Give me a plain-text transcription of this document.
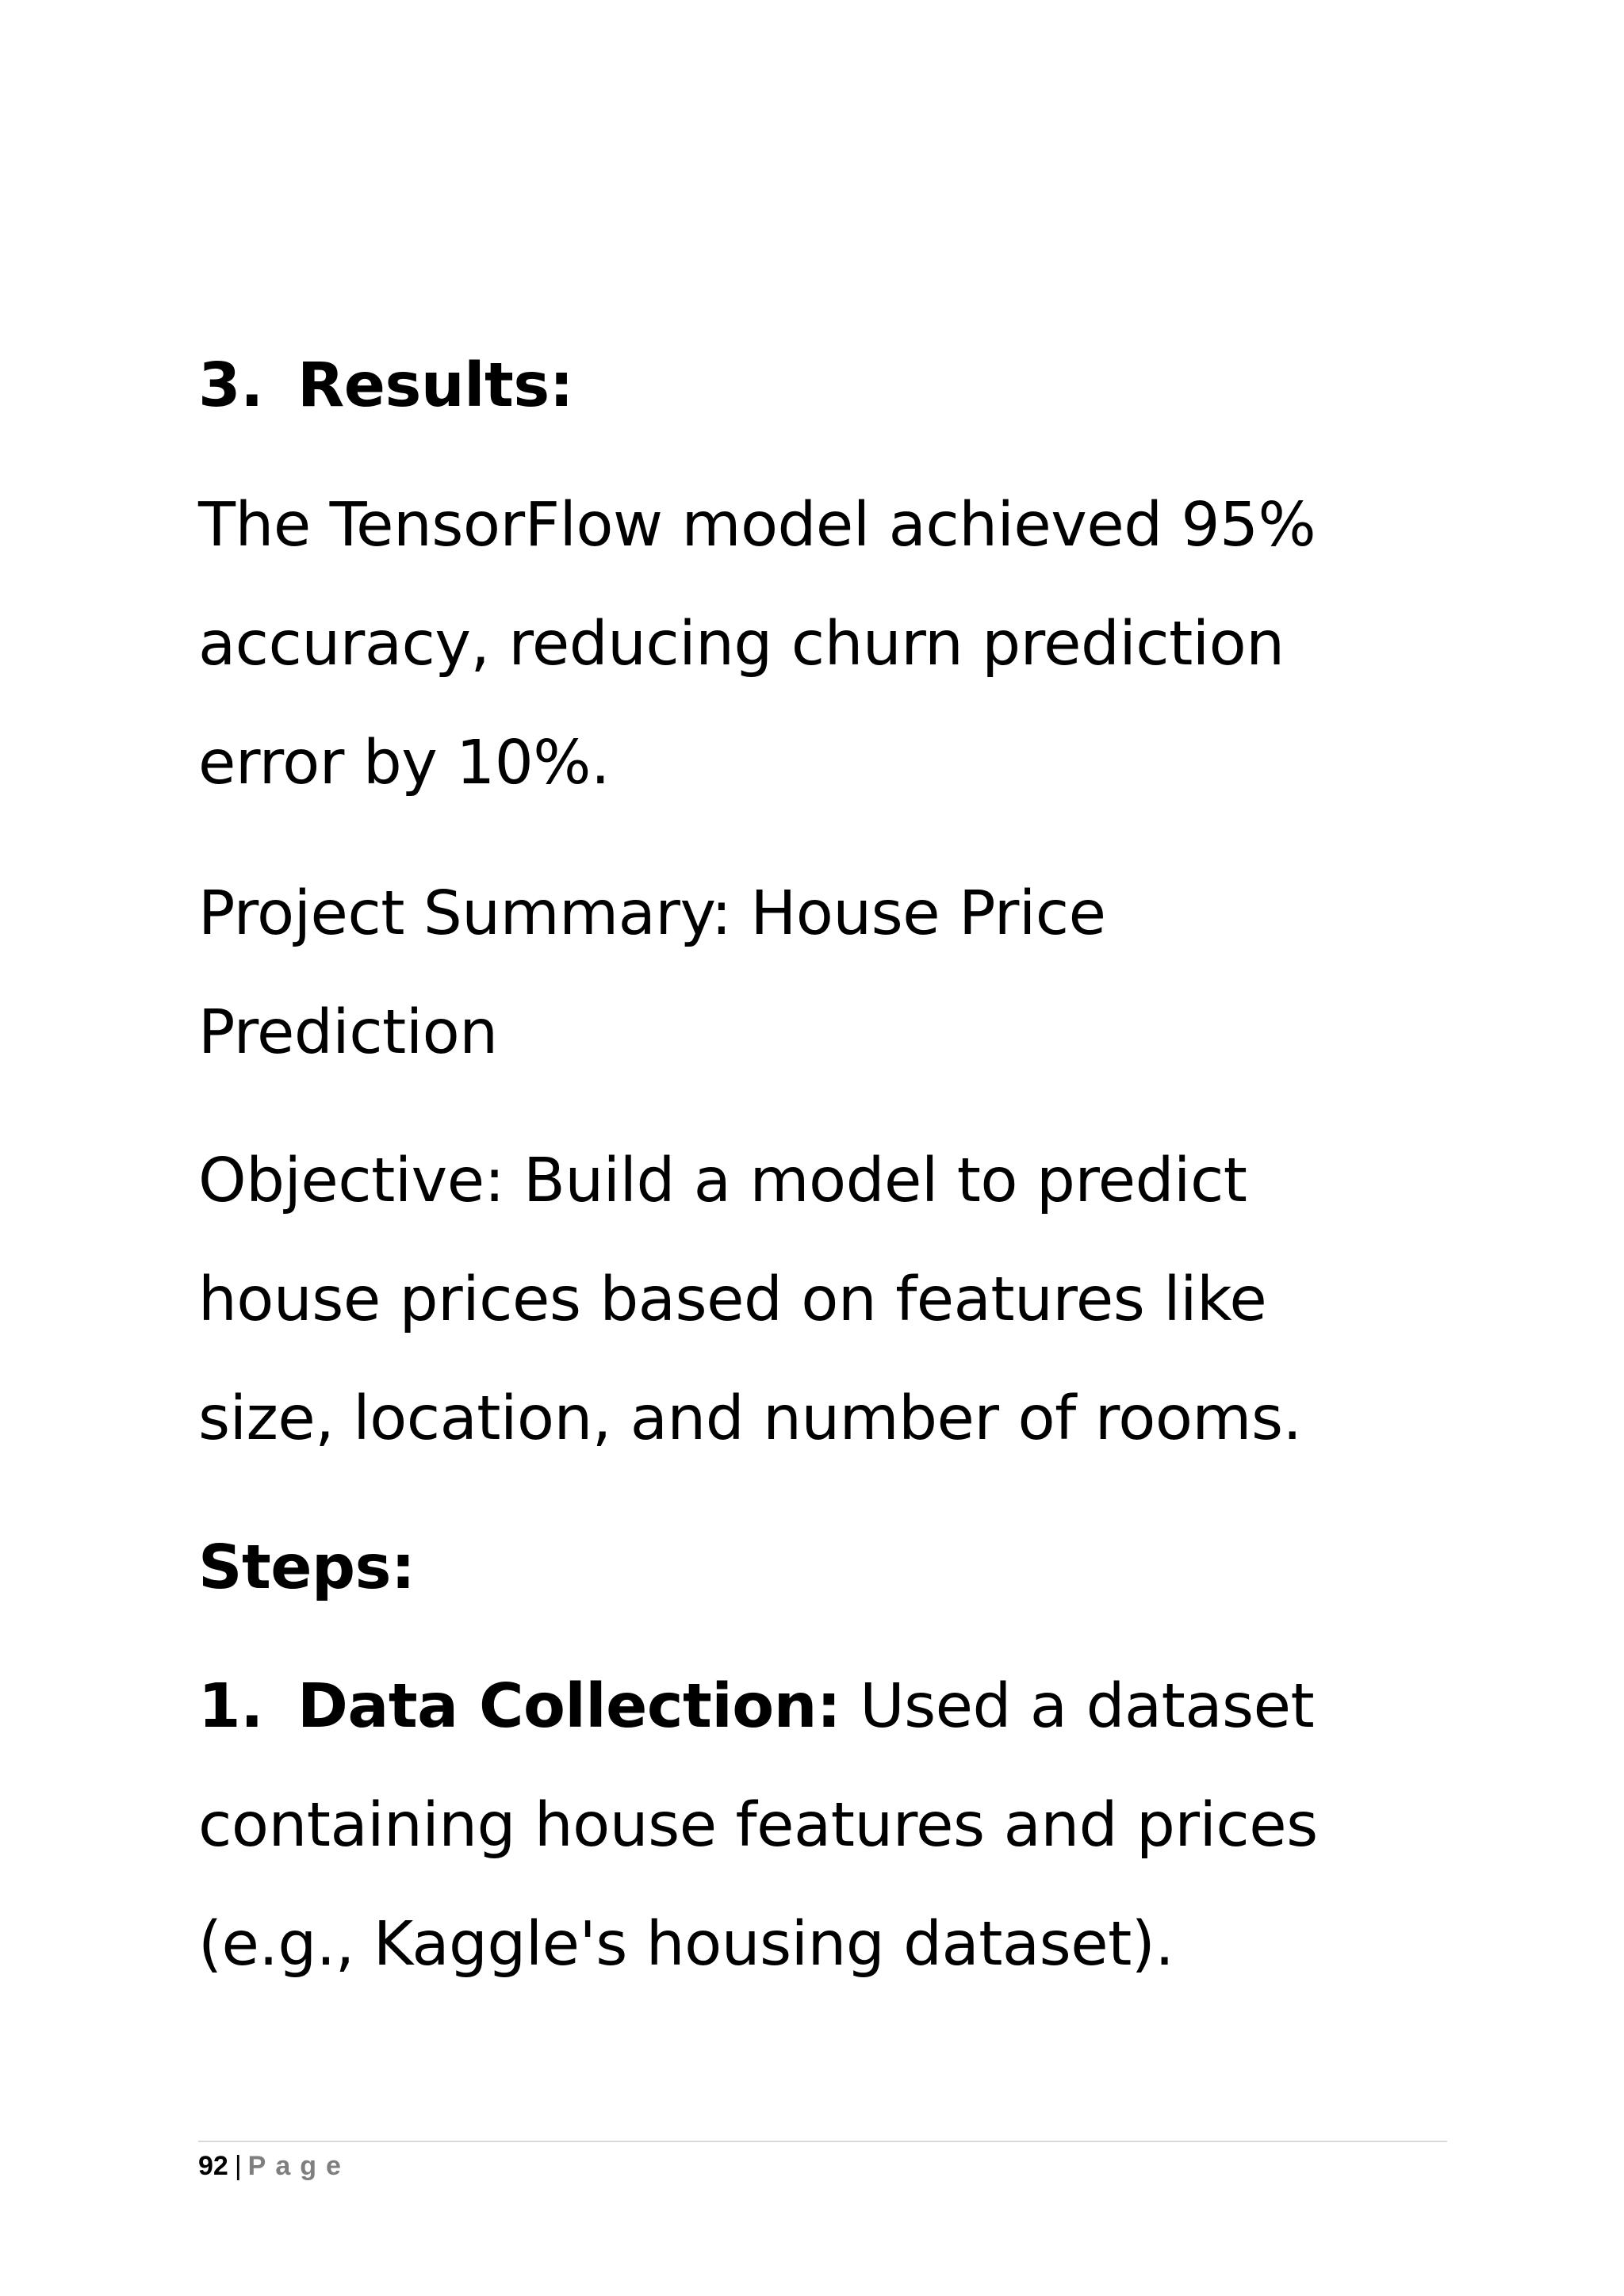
3. Results:
The TensorFlow model achieved 95%
accuracy, reducing churn prediction
error by 10%.
Project Summary: House Price
Prediction
Objective: Build a model to predict
house prices based on features like
size, location, and number of rooms.
Steps:
1. Data Collection: Used a dataset
containing house features and prices
(e.g., Kaggle's housing dataset).
92 | Page
